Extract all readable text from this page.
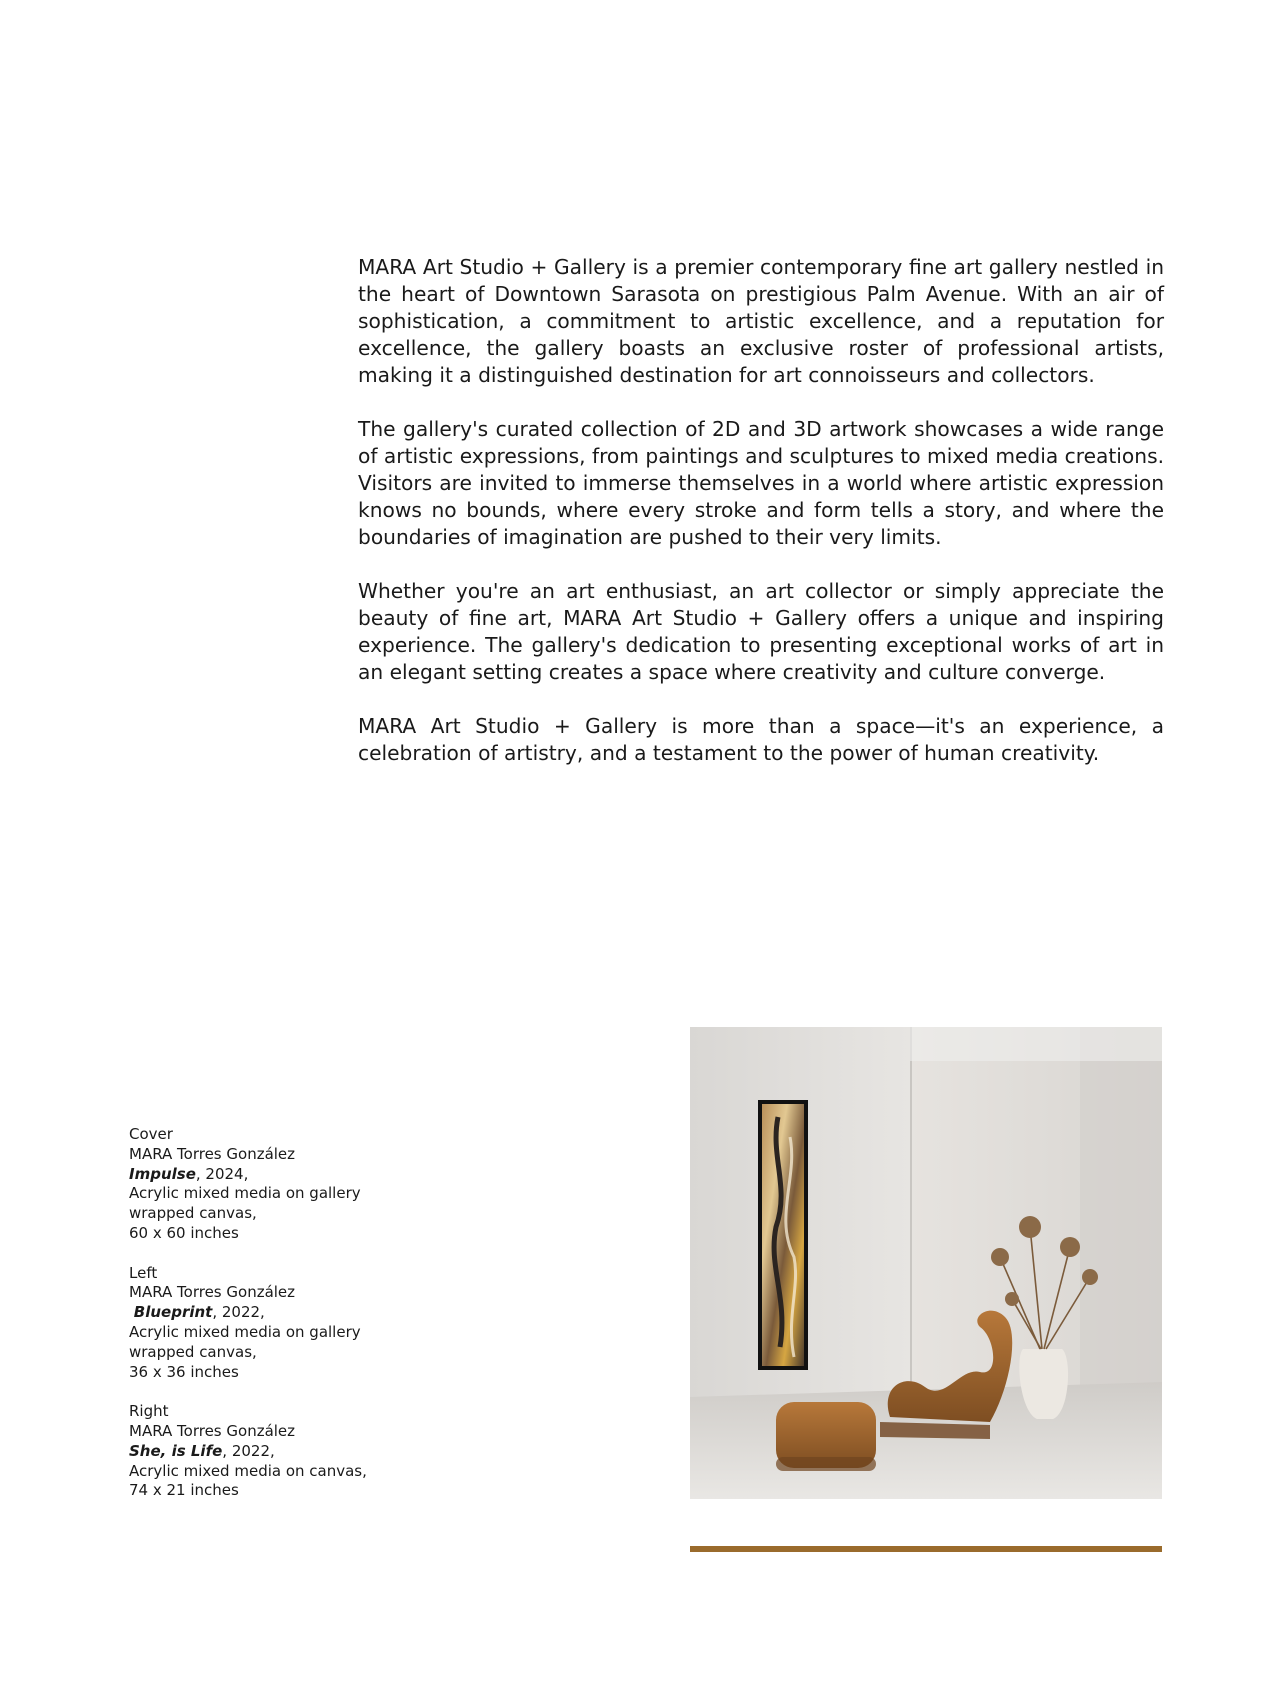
MARA Art Studio + Gallery is a premier contemporary fine art gallery nestled in the heart of Downtown Sarasota on prestigious Palm Avenue. With an air of sophistication, a commitment to artistic excellence, and a reputation for excellence, the gallery boasts an exclusive roster of professional artists, making it a distinguished destination for art connoisseurs and collectors.

The gallery's curated collection of 2D and 3D artwork showcases a wide range of artistic expressions, from paintings and sculptures to mixed media creations. Visitors are invited to immerse themselves in a world where artistic expression knows no bounds, where every stroke and form tells a story, and where the boundaries of imagination are pushed to their very limits.

Whether you're an art enthusiast, an art collector or simply appreciate the beauty of fine art, MARA Art Studio + Gallery offers a unique and inspiring experience. The gallery's dedication to presenting exceptional works of art in an elegant setting creates a space where creativity and culture converge.

MARA Art Studio + Gallery is more than a space—it's an experience, a celebration of artistry, and a testament to the power of human creativity.

Cover
MARA Torres González
Impulse, 2024,
Acrylic mixed media on gallery
wrapped canvas,
60 x 60 inches
Left
MARA Torres González
Blueprint, 2022,
Acrylic mixed media on gallery
wrapped canvas,
36 x 36 inches
Right
MARA Torres González
She, is Life, 2022,
Acrylic mixed media on canvas,
74 x 21 inches
